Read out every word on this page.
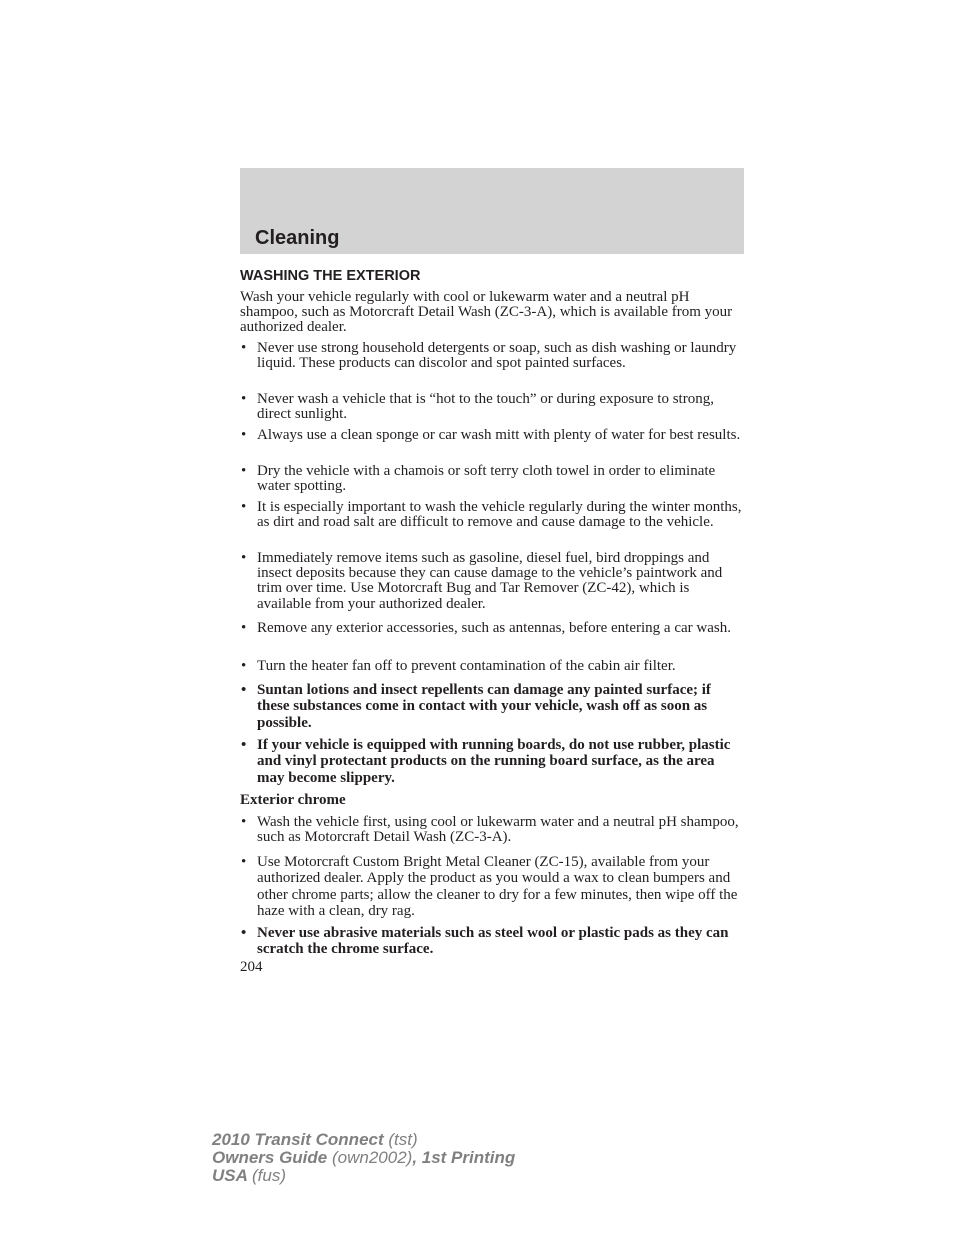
Cleaning
WASHING THE EXTERIOR
Wash your vehicle regularly with cool or lukewarm water and a neutral pH shampoo, such as Motorcraft Detail Wash (ZC-3-A), which is available from your authorized dealer.
• Never use strong household detergents or soap, such as dish washing or laundry liquid. These products can discolor and spot painted surfaces.
• Never wash a vehicle that is “hot to the touch” or during exposure to strong, direct sunlight.
• Always use a clean sponge or car wash mitt with plenty of water for best results.
• Dry the vehicle with a chamois or soft terry cloth towel in order to eliminate water spotting.
• It is especially important to wash the vehicle regularly during the winter months, as dirt and road salt are difficult to remove and cause damage to the vehicle.
• Immediately remove items such as gasoline, diesel fuel, bird droppings and insect deposits because they can cause damage to the vehicle’s paintwork and trim over time. Use Motorcraft Bug and Tar Remover (ZC-42), which is available from your authorized dealer.
• Remove any exterior accessories, such as antennas, before entering a car wash.
• Turn the heater fan off to prevent contamination of the cabin air filter.
• Suntan lotions and insect repellents can damage any painted surface; if these substances come in contact with your vehicle, wash off as soon as possible.
• If your vehicle is equipped with running boards, do not use rubber, plastic and vinyl protectant products on the running board surface, as the area may become slippery.
Exterior chrome
• Wash the vehicle first, using cool or lukewarm water and a neutral pH shampoo, such as Motorcraft Detail Wash (ZC-3-A).
• Use Motorcraft Custom Bright Metal Cleaner (ZC-15), available from your authorized dealer. Apply the product as you would a wax to clean bumpers and other chrome parts; allow the cleaner to dry for a few minutes, then wipe off the haze with a clean, dry rag.
• Never use abrasive materials such as steel wool or plastic pads as they can scratch the chrome surface.
204
2010 Transit Connect (tst)
Owners Guide (own2002), 1st Printing
USA (fus)
